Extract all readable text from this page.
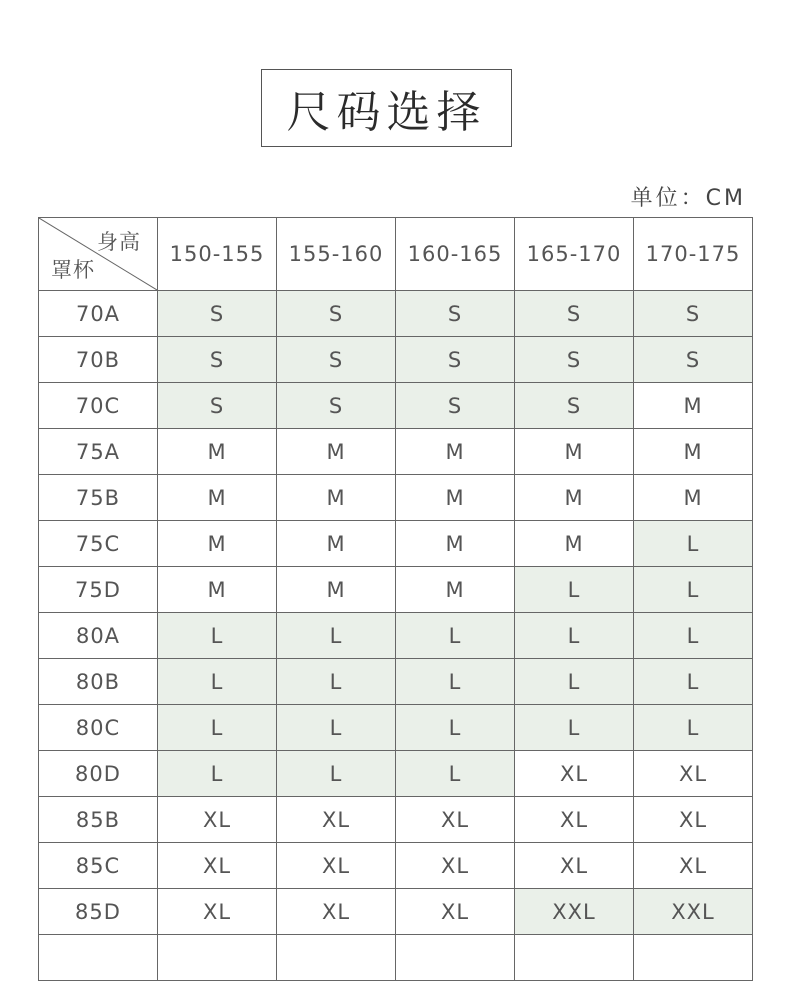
尺码选择
单位：CM
身高
罩杯	150-155	155-160	160-165	165-170	170-175
70A	S	S	S	S	S
70B	S	S	S	S	S
70C	S	S	S	S	M
75A	M	M	M	M	M
75B	M	M	M	M	M
75C	M	M	M	M	L
75D	M	M	M	L	L
80A	L	L	L	L	L
80B	L	L	L	L	L
80C	L	L	L	L	L
80D	L	L	L	XL	XL
85B	XL	XL	XL	XL	XL
85C	XL	XL	XL	XL	XL
85D	XL	XL	XL	XXL	XXL
